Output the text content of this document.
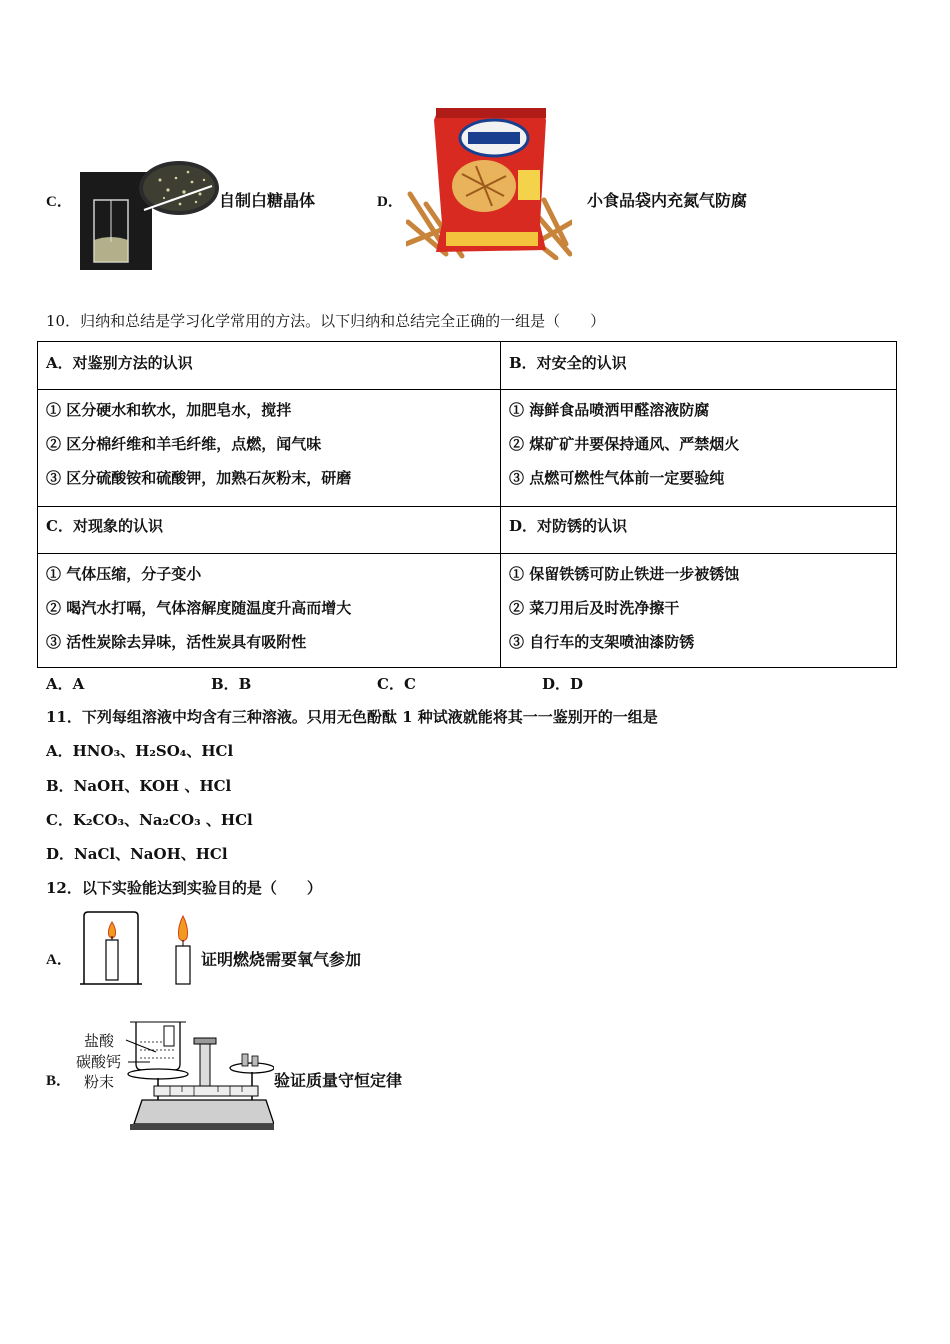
C．	自制白糖晶体	D．	小食品袋内充氮气防腐
10．归纳和总结是学习化学常用的方法。以下归纳和总结完全正确的一组是（　　）
A．对鉴别方法的认识	B．对安全的认识
① 区分硬水和软水，加肥皂水，搅拌
② 区分棉纤维和羊毛纤维，点燃，闻气味
③ 区分硫酸铵和硫酸钾，加熟石灰粉末，研磨
① 海鲜食品喷洒甲醛溶液防腐
② 煤矿矿井要保持通风、严禁烟火
③ 点燃可燃性气体前一定要验纯
C．对现象的认识	D．对防锈的认识
① 气体压缩，分子变小
② 喝汽水打嗝，气体溶解度随温度升高而增大
③ 活性炭除去异味，活性炭具有吸附性
① 保留铁锈可防止铁进一步被锈蚀
② 菜刀用后及时洗净擦干
③ 自行车的支架喷油漆防锈
A．A	B．B	C．C	D．D
11．下列每组溶液中均含有三种溶液。只用无色酚酞 1 种试液就能将其一一鉴别开的一组是
A．HNO₃、H₂SO₄、HCl
B．NaOH、KOH 、HCl
C．K₂CO₃、Na₂CO₃ 、HCl
D．NaCl、NaOH、HCl
12．以下实验能达到实验目的是（　　）
A．	证明燃烧需要氧气参加
B．
盐酸
碳酸钙
粉末	验证质量守恒定律
